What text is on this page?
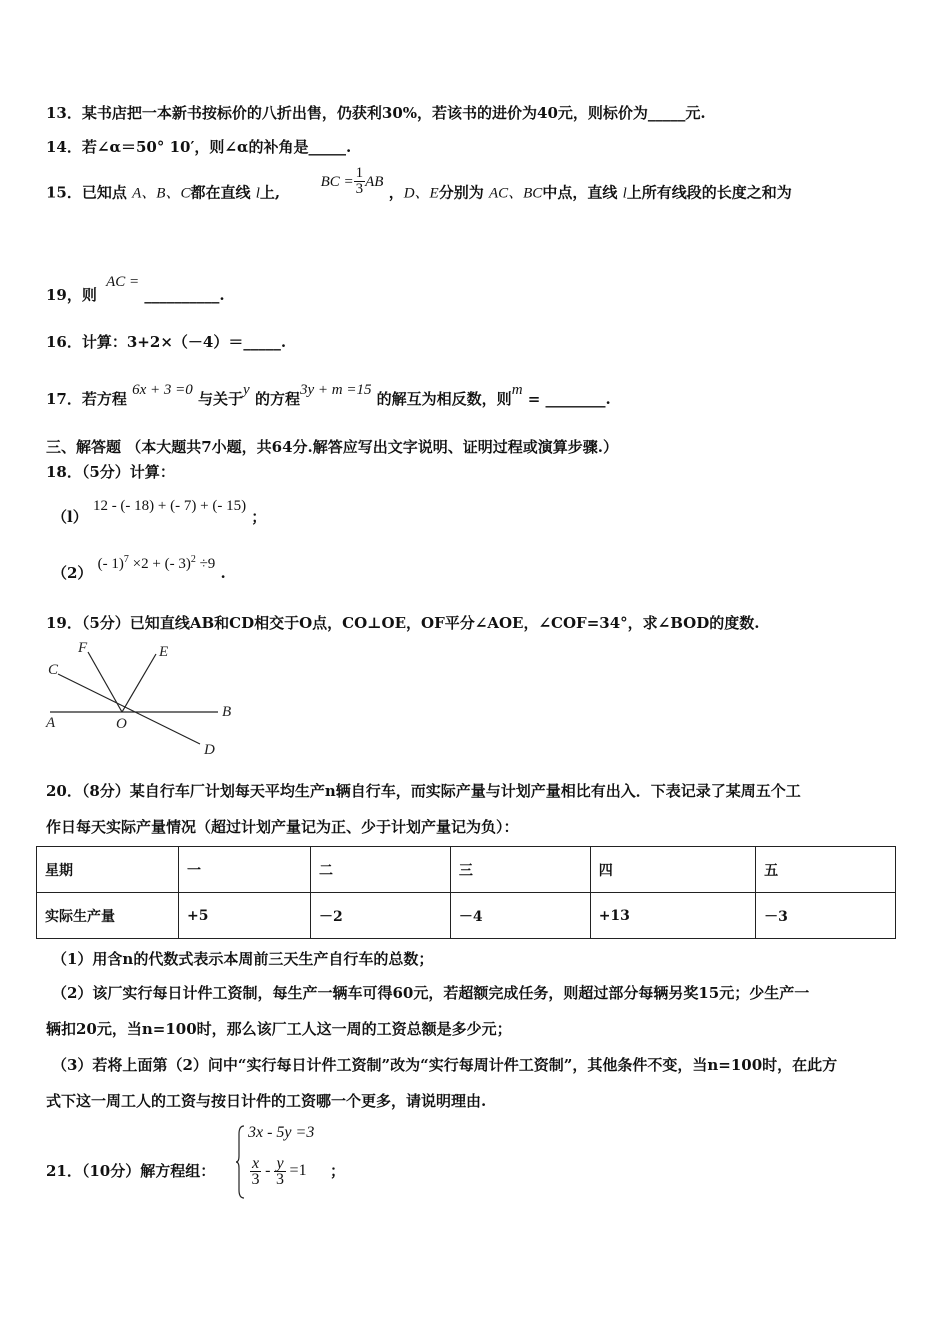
13．某书店把一本新书按标价的八折出售，仍获利30%，若该书的进价为40元，则标价为_____元.
14．若∠α＝50° 10′，则∠α的补角是_____.
15．已知点 A、B、C都在直线 l上,  BC = $\frac{1}{3}$ AB ，D、E分别为 AC、BC中点，直线 l上所有线段的长度之和为
19，则 AC = __________.
16．计算：3+2×（－4）＝_____.
17．若方程 6x + 3 =0 与关于y 的方程3y + m =15 的解互为相反数，则m = ________.
三、解答题 （本大题共7小题，共64分.解答应写出文字说明、证明过程或演算步骤.）
18．（5分）计算：
（l） 12 - (- 18) + (- 7) + (- 15) ；
（2） (- 1)$^7$ ×2 + (- 3)$^2$ ÷9 .
19．（5分）已知直线AB和CD相交于O点，CO⊥OE，OF平分∠AOE，∠COF=34°，求∠BOD的度数.
A
B
C
D
E
F
O
20．（8分）某自行车厂计划每天平均生产n辆自行车，而实际产量与计划产量相比有出入．下表记录了某周五个工
作日每天实际产量情况（超过计划产量记为正、少于计划产量记为负）：
星期	一	二	三	四	五
实际生产量	+5	－2	－4	+13	－3
（1）用含n的代数式表示本周前三天生产自行车的总数；
（2）该厂实行每日计件工资制，每生产一辆车可得60元，若超额完成任务，则超过部分每辆另奖15元；少生产一
辆扣20元，当n=100时，那么该厂工人这一周的工资总额是多少元；
（3）若将上面第（2）问中“实行每日计件工资制”改为“实行每周计件工资制”，其他条件不变，当n=100时，在此方
式下这一周工人的工资与按日计件的工资哪一个更多，请说明理由.
21．（10分）解方程组：
3x - 5y =3
$\frac{x}{3} - \frac{y}{3} =1$ ；
